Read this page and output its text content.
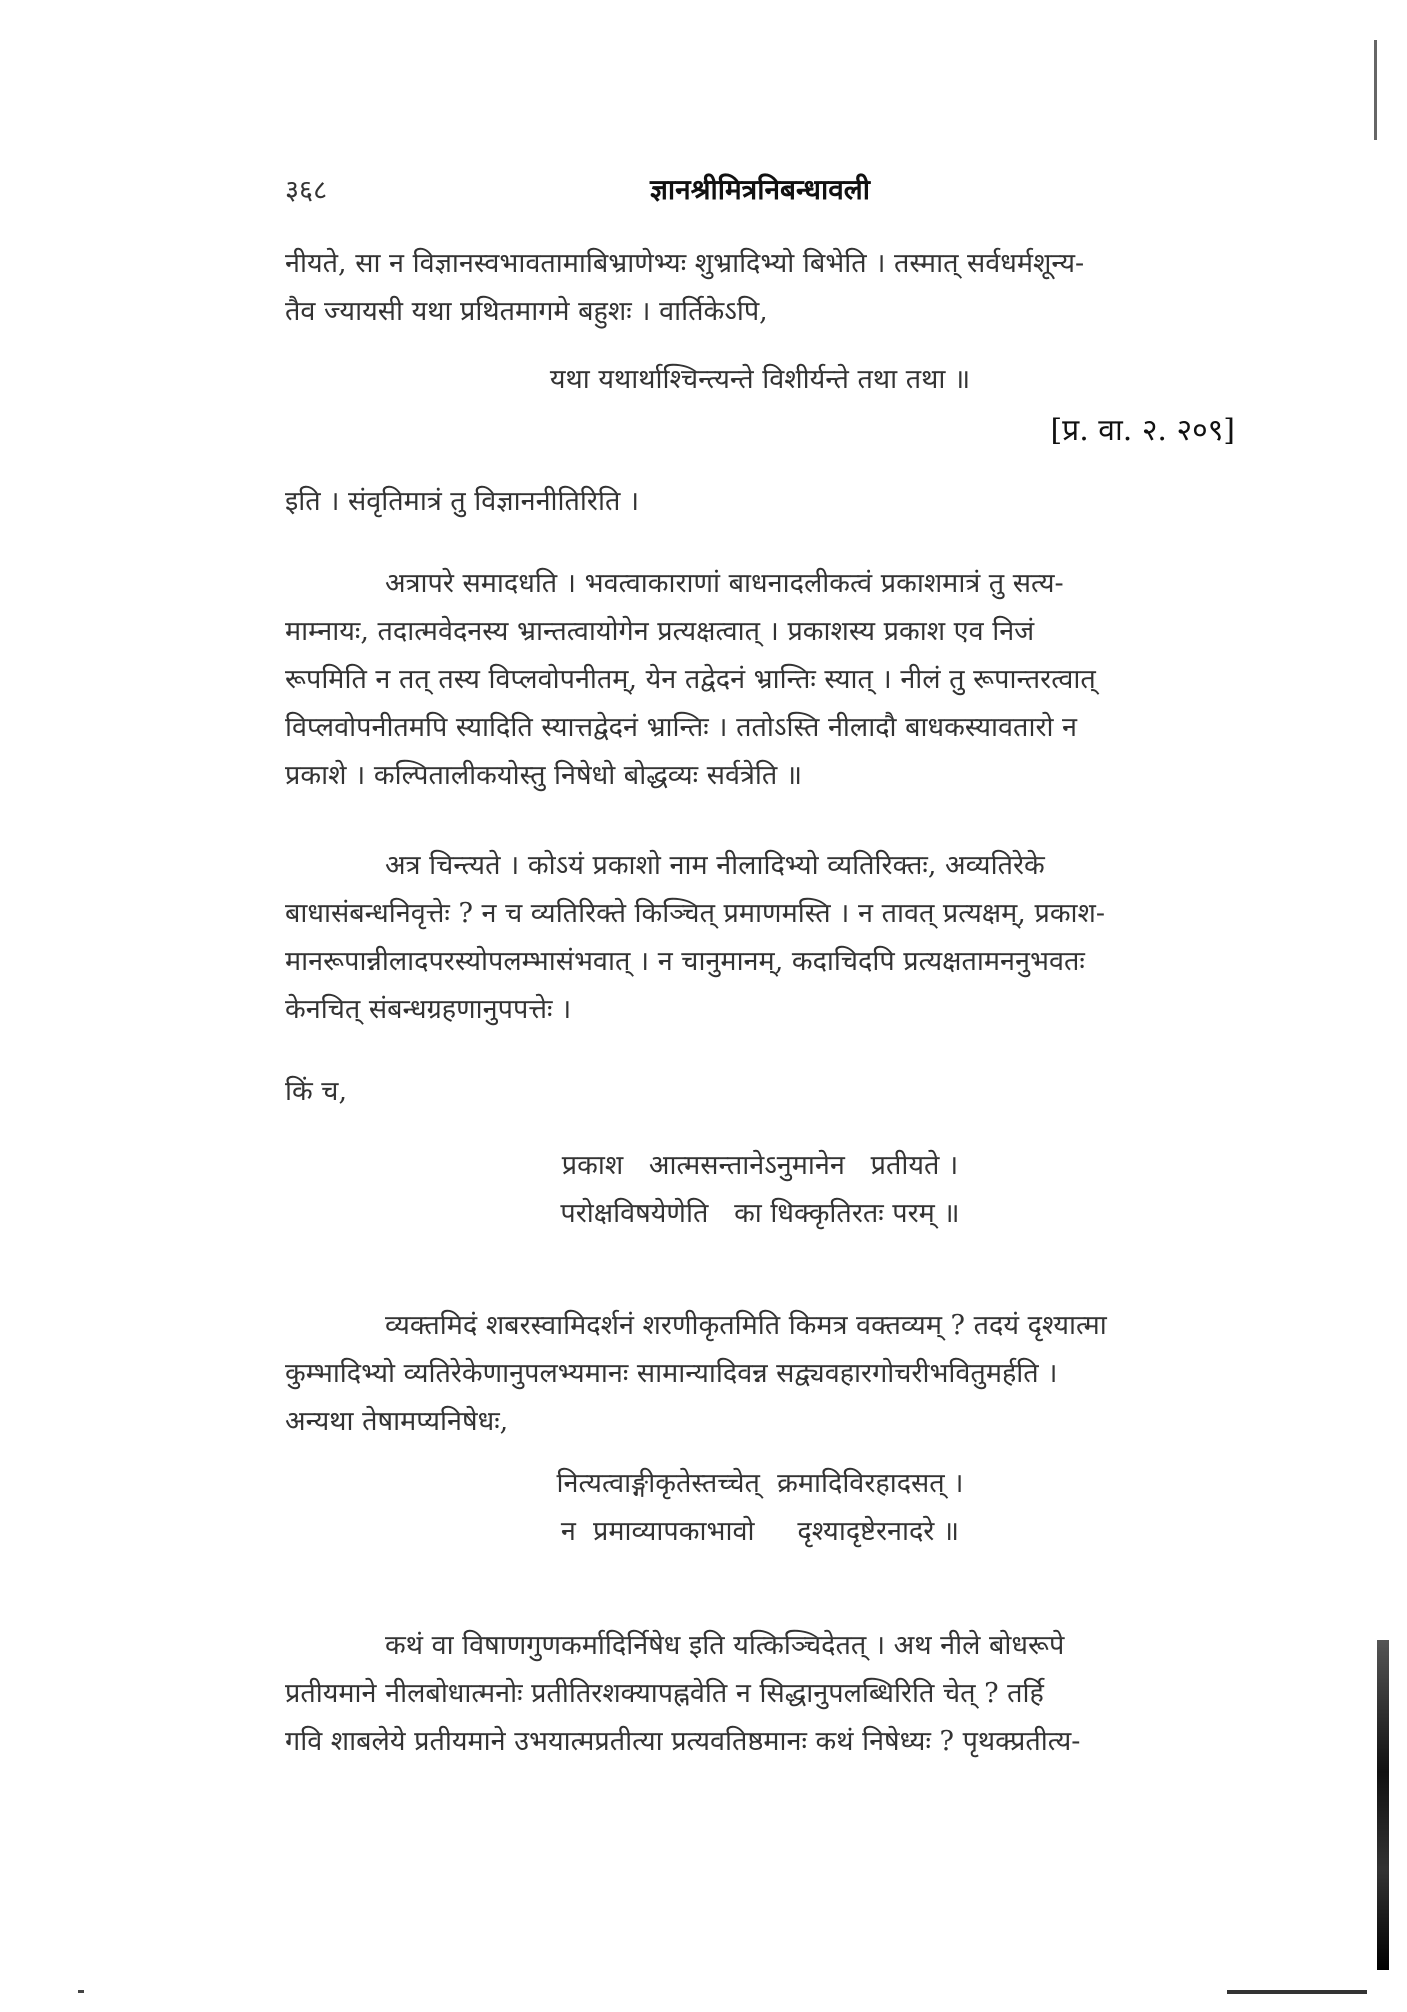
३६८	ज्ञानश्रीमित्रनिबन्धावली

नीयते, सा न विज्ञानस्वभावतामाबिभ्राणेभ्यः शुभ्रादिभ्यो बिभेति । तस्मात् सर्वधर्मशून्य-

तैव ज्यायसी यथा प्रथितमागमे बहुशः । वार्तिकेऽपि,

यथा यथार्थाश्चिन्त्यन्ते विशीर्यन्ते तथा तथा ॥
[प्र. वा. २. २०९]

इति । संवृतिमात्रं तु विज्ञाननीतिरिति ।

अत्रापरे समादधति । भवत्वाकाराणां बाधनादलीकत्वं प्रकाशमात्रं तु सत्य-

माम्नायः, तदात्मवेदनस्य भ्रान्तत्वायोगेन प्रत्यक्षत्वात् । प्रकाशस्य प्रकाश एव निजं

रूपमिति न तत् तस्य विप्लवोपनीतम्, येन तद्वेदनं भ्रान्तिः स्यात् । नीलं तु रूपान्तरत्वात्

विप्लवोपनीतमपि स्यादिति स्यात्तद्वेदनं भ्रान्तिः । ततोऽस्ति नीलादौ बाधकस्यावतारो न

प्रकाशे । कल्पितालीकयोस्तु निषेधो बोद्धव्यः सर्वत्रेति ॥

अत्र चिन्त्यते । कोऽयं प्रकाशो नाम नीलादिभ्यो व्यतिरिक्तः, अव्यतिरेके

बाधासंबन्धनिवृत्तेः ? न च व्यतिरिक्ते किञ्चित् प्रमाणमस्ति । न तावत् प्रत्यक्षम्, प्रकाश-

मानरूपान्नीलादपरस्योपलम्भासंभवात् । न चानुमानम्, कदाचिदपि प्रत्यक्षतामननुभवतः

केनचित् संबन्धग्रहणानुपपत्तेः ।

किं च,

प्रकाश   आत्मसन्तानेऽनुमानेन   प्रतीयते ।
परोक्षविषयेणेति   का धिक्कृतिरतः परम् ॥

व्यक्तमिदं शबरस्वामिदर्शनं शरणीकृतमिति किमत्र वक्तव्यम् ? तदयं दृश्यात्मा

कुम्भादिभ्यो व्यतिरेकेणानुपलभ्यमानः सामान्यादिवन्न सद्व्यवहारगोचरीभवितुमर्हति ।

अन्यथा तेषामप्यनिषेधः,

नित्यत्वाङ्गीकृतेस्तच्चेत्  क्रमादिविरहादसत् ।
न  प्रमाव्यापकाभावो     दृश्यादृष्टेरनादरे ॥

कथं वा विषाणगुणकर्मादिर्निषेध इति यत्किञ्चिदेतत् । अथ नीले बोधरूपे

प्रतीयमाने नीलबोधात्मनोः प्रतीतिरशक्यापह्नवेति न सिद्धानुपलब्धिरिति चेत् ? तर्हि

गवि शाबलेये प्रतीयमाने उभयात्मप्रतीत्या प्रत्यवतिष्ठमानः कथं निषेध्यः ? पृथक्प्रतीत्य-
